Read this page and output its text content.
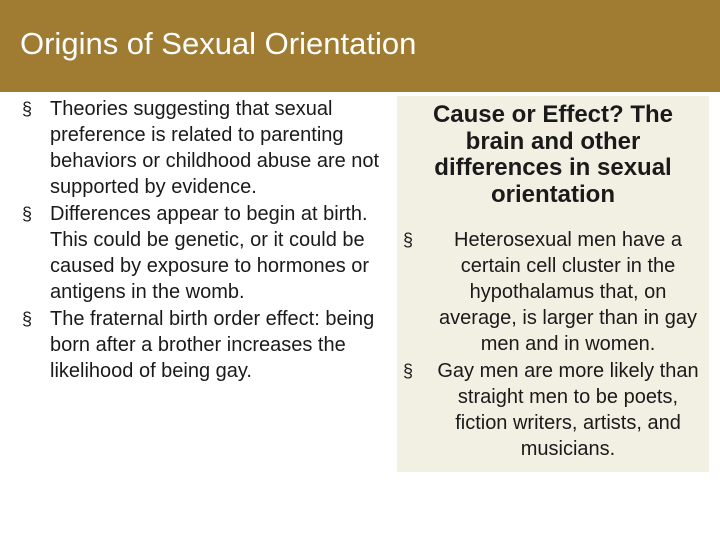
Origins of Sexual Orientation
§ Theories suggesting that sexual preference is related to parenting behaviors or childhood abuse are not supported by evidence.
§ Differences appear to begin at birth. This could be genetic, or it could be caused by exposure to hormones or antigens in the womb.
§ The fraternal birth order effect: being born after a brother increases the likelihood of being gay.
Cause or Effect? The brain and other differences in sexual orientation
§ Heterosexual men have a certain cell cluster in the hypothalamus that, on average, is larger than in gay men and in women.
§ Gay men are more likely than straight men to be poets, fiction writers, artists, and musicians.
